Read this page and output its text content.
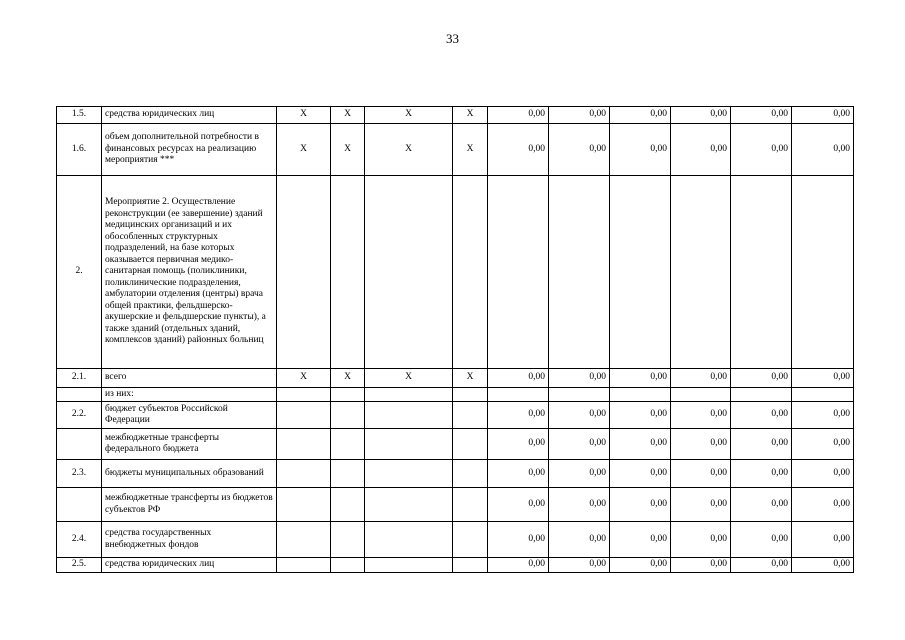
33
1.5.	средства юридических лиц	X	X	X	X	0,00	0,00	0,00	0,00	0,00	0,00
1.6.	объем дополнительной потребности в финансовых ресурсах на реализацию мероприятия ***	X	X	X	X	0,00	0,00	0,00	0,00	0,00	0,00
2.	Мероприятие 2. Осуществление реконструкции (ее завершение) зданий медицинских организаций и их обособленных структурных подразделений, на базе которых оказывается первичная медико-санитарная помощь (поликлиники, поликлинические подразделения, амбулатории отделения (центры) врача общей практики, фельдшерско-акушерские и фельдшерские пункты), а также зданий (отдельных зданий, комплексов зданий) районных больниц										
2.1.	всего	X	X	X	X	0,00	0,00	0,00	0,00	0,00	0,00
	из них:										
2.2.	бюджет субъектов Российской Федерации					0,00	0,00	0,00	0,00	0,00	0,00
	межбюджетные трансферты федерального бюджета					0,00	0,00	0,00	0,00	0,00	0,00
2.3.	бюджеты муниципальных образований					0,00	0,00	0,00	0,00	0,00	0,00
	межбюджетные трансферты из бюджетов субъектов РФ					0,00	0,00	0,00	0,00	0,00	0,00
2.4.	средства государственных внебюджетных фондов					0,00	0,00	0,00	0,00	0,00	0,00
2.5.	средства юридических лиц					0,00	0,00	0,00	0,00	0,00	0,00
